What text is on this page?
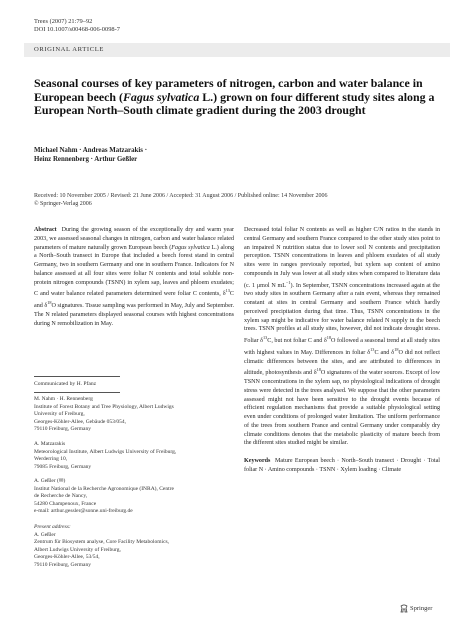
Trees (2007) 21:79–92
DOI 10.1007/s00468-006-0098-7
ORIGINAL ARTICLE
Seasonal courses of key parameters of nitrogen, carbon and water balance in European beech (Fagus sylvatica L.) grown on four different study sites along a European North–South climate gradient during the 2003 drought
Michael Nahm · Andreas Matzarakis ·
Heinz Rennenberg · Arthur Geßler
Received: 10 November 2005 / Revised: 21 June 2006 / Accepted: 31 August 2006 / Published online: 14 November 2006
© Springer-Verlag 2006

Abstract During the growing season of the exceptionally dry and warm year 2003, we assessed seasonal changes in nitrogen, carbon and water balance related parameters of mature naturally grown European beech (Fagus sylvatica L.) along a North–South transect in Europe that included a beech forest stand in central Germany, two in southern Germany and one in southern France. Indicators for N balance assessed at all four sites were foliar N contents and total soluble non-protein nitrogen compounds (TSNN) in xylem sap, leaves and phloem exudates; C and water balance related parameters determined were foliar C contents, $\delta^{13}C$ and $\delta^{18}O$ signatures. Tissue sampling was performed in May, July and September. The N related parameters displayed seasonal courses with highest concentrations during N remobilization in May.

Communicated by H. Pfanz
M. Nahm · H. Rennenberg
Institute of Forest Botany and Tree Physiology, Albert Ludwigs
University of Freiburg,
Georges-Köhler-Allee, Gebäude 053/054,
79110 Freiburg, Germany
A. Matzarakis
Meteorological Institute, Albert Ludwigs University of Freiburg,
Werderring 10,
79085 Freiburg, Germany
A. Geßler (✉)
Institut National de la Recherche Agronomique (INRA), Centre
de Recherche de Nancy,
54280 Champenoux, France
e-mail: arthur.gessler@sonne.uni-freiburg.de
Present address:
A. Geßler
Zentrum für Biosystem analyse, Core Facility Metabolomics,
Albert Ludwigs University of Freiburg,
Georges-Köhler-Allee, 53/54,
79110 Freiburg, Germany

Decreased total foliar N contents as well as higher C/N ratios in the stands in central Germany and southern France compared to the other study sites point to an impaired N nutrition status due to lower soil N contents and precipitation perception. TSNN concentrations in leaves and phloem exudates of all study sites were in ranges previously reported, but xylem sap content of amino compounds in July was lower at all study sites when compared to literature data (c. 1 μmol N $mL^{-1}$). In September, TSNN concentrations increased again at the two study sites in southern Germany after a rain event, whereas they remained constant at sites in central Germany and southern France which hardly perceived precipitation during that time. Thus, TSNN concentrations in the xylem sap might be indicative for water balance related N supply in the beech trees. TSNN profiles at all study sites, however, did not indicate drought stress. Foliar $\delta^{13}C$, but not foliar C and $\delta^{18}O$ followed a seasonal trend at all study sites with highest values in May. Differences in foliar $\delta^{13}C$ and $\delta^{18}O$ did not reflect climatic differences between the sites, and are attributed to differences in altitude, photosynthesis and $\delta^{18}O$ signatures of the water sources. Except of low TSNN concentrations in the xylem sap, no physiological indications of drought stress were detected in the trees analysed. We suppose that the other parameters assessed might not have been sensitive to the drought events because of efficient regulation mechanisms that provide a suitable physiological setting even under conditions of prolonged water limitation. The uniform performance of the trees from southern France and central Germany under comparably dry climate conditions denotes that the metabolic plasticity of mature beech from the different sites studied might be similar.

Keywords Mature European beech · North–South transect · Drought · Total foliar N · Amino compounds · TSNN · Xylem loading · Climate

Springer
